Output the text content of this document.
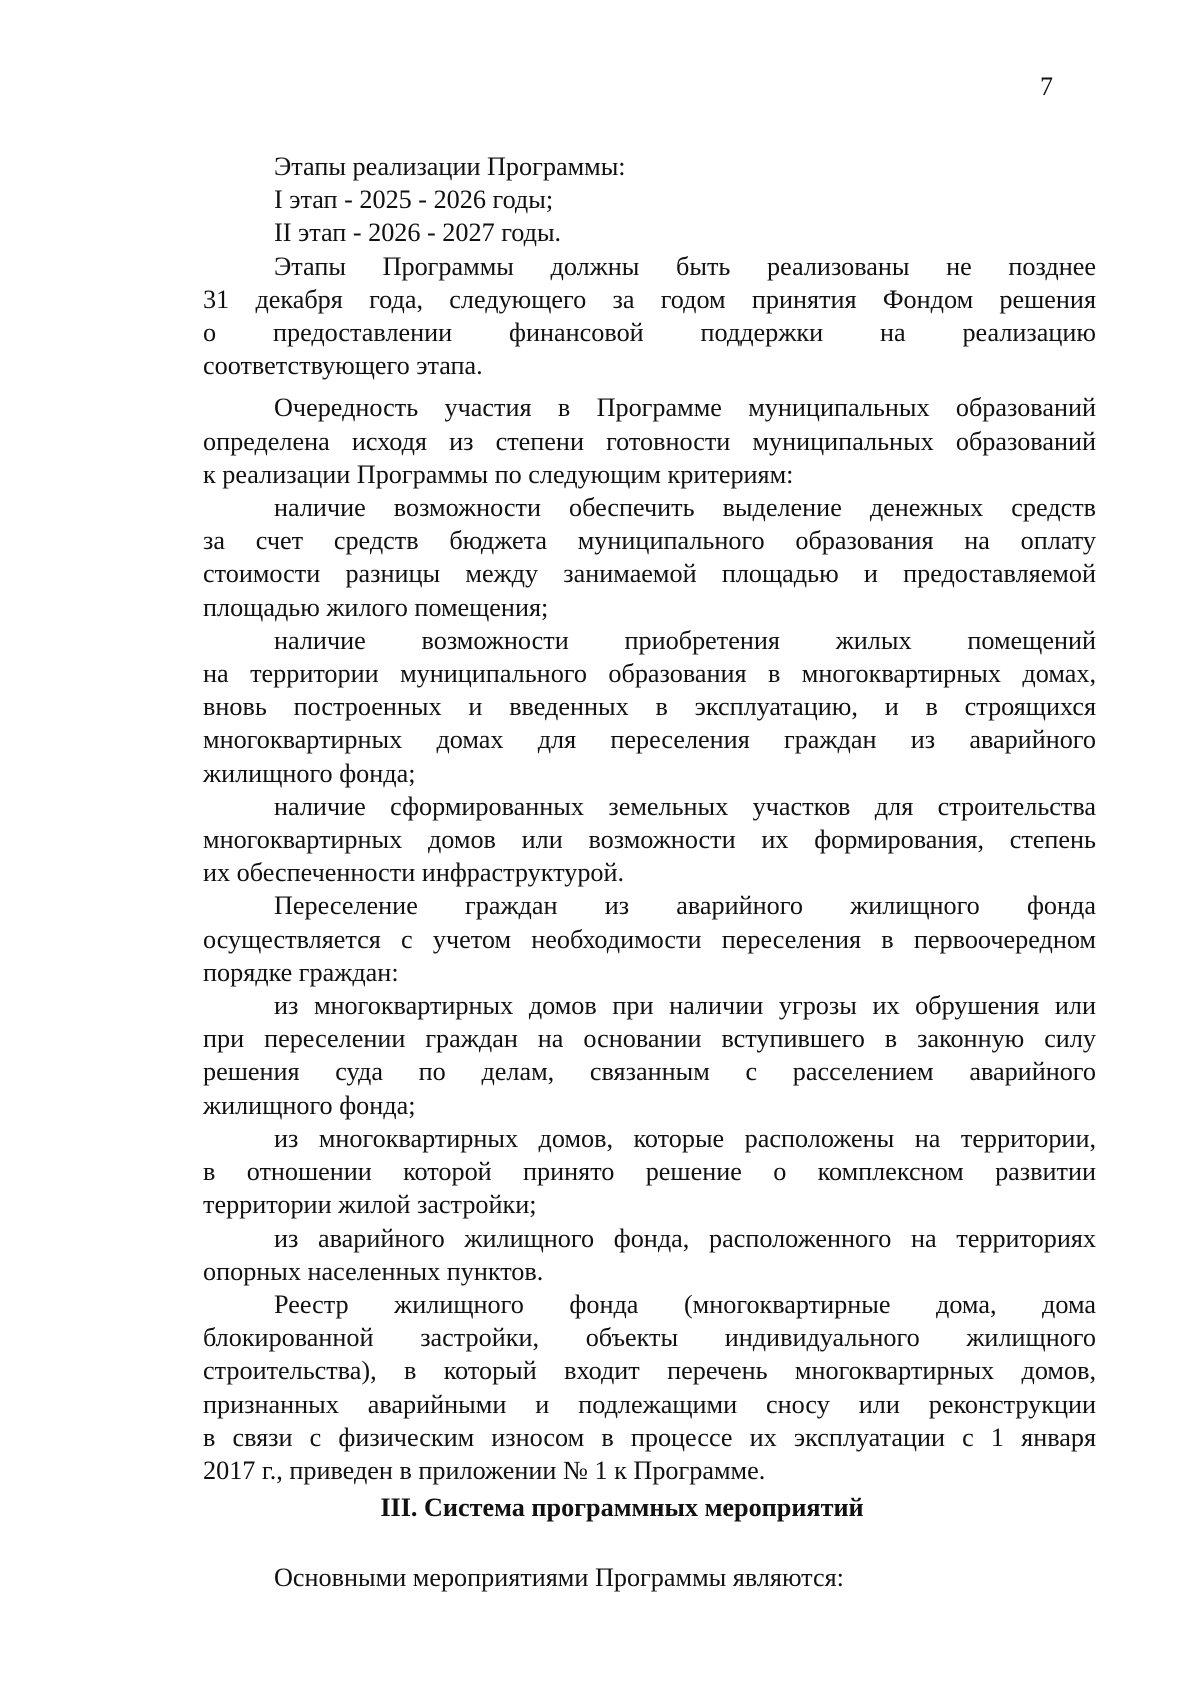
7
Этапы реализации Программы:
I этап - 2025 - 2026 годы;
II этап - 2026 - 2027 годы.
Этапы Программы должны быть реализованы не позднее
31 декабря года, следующего за годом принятия Фондом решения
о предоставлении финансовой поддержки на реализацию
соответствующего этапа.
Очередность участия в Программе муниципальных образований
определена исходя из степени готовности муниципальных образований
к реализации Программы по следующим критериям:
наличие возможности обеспечить выделение денежных средств
за счет средств бюджета муниципального образования на оплату
стоимости разницы между занимаемой площадью и предоставляемой
площадью жилого помещения;
наличие возможности приобретения жилых помещений
на территории муниципального образования в многоквартирных домах,
вновь построенных и введенных в эксплуатацию, и в строящихся
многоквартирных домах для переселения граждан из аварийного
жилищного фонда;
наличие сформированных земельных участков для строительства
многоквартирных домов или возможности их формирования, степень
их обеспеченности инфраструктурой.
Переселение граждан из аварийного жилищного фонда
осуществляется с учетом необходимости переселения в первоочередном
порядке граждан:
из многоквартирных домов при наличии угрозы их обрушения или
при переселении граждан на основании вступившего в законную силу
решения суда по делам, связанным с расселением аварийного
жилищного фонда;
из многоквартирных домов, которые расположены на территории,
в отношении которой принято решение о комплексном развитии
территории жилой застройки;
из аварийного жилищного фонда, расположенного на территориях
опорных населенных пунктов.
Реестр жилищного фонда (многоквартирные дома, дома
блокированной застройки, объекты индивидуального жилищного
строительства), в который входит перечень многоквартирных домов,
признанных аварийными и подлежащими сносу или реконструкции
в связи с физическим износом в процессе их эксплуатации с 1 января
2017 г., приведен в приложении № 1 к Программе.
III. Система программных мероприятий
Основными мероприятиями Программы являются:
